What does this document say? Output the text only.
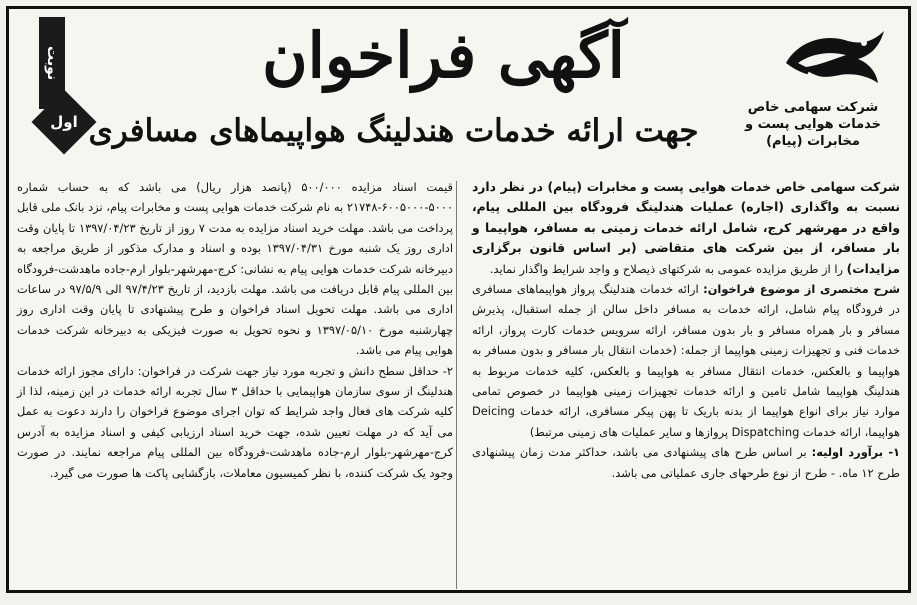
نوبت
اول
آگهی فراخوان
جهت ارائه خدمات هندلینگ هواپیماهای مسافری
شرکت سهامی خاص خدمات هوایی پست و مخابرات (پیام)

شرکت سهامی خاص خدمات هوایی پست و مخابرات (پیام) در نظر دارد نسبت به واگذاری (اجاره) عملیات هندلینگ فرودگاه بین المللی پیام، واقع در مهرشهر کرج، شامل ارائه خدمات زمینی به مسافر، هواپیما و بار مسافر، از بین شرکت های متقاضی (بر اساس قانون برگزاری مزایدات) را از طریق مزایده عمومی به شرکتهای ذیصلاح و واجد شرایط واگذار نماید.

شرح مختصری از موضوع فراخوان: ارائه خدمات هندلینگ پرواز هواپیماهای مسافری در فرودگاه پیام شامل، ارائه خدمات به مسافر داخل سالن از جمله استقبال، پذیرش مسافر و بار همراه مسافر و بار بدون مسافر، ارائه سرویس خدمات کارت پرواز، ارائه خدمات فنی و تجهیزات زمینی هواپیما از جمله: (خدمات انتقال بار مسافر و بدون مسافر به هواپیما و بالعکس، خدمات انتقال مسافر به هواپیما و بالعکس، کلیه خدمات مربوط به هندلینگ هواپیما شامل تامین و ارائه خدمات تجهیزات زمینی هواپیما در خصوص تمامی موارد نیاز برای انواع هواپیما از بدنه باریک تا پهن پیکر مسافری، ارائه خدمات Deicing هواپیما، ارائه خدمات Dispatching پروازها و سایر عملیات های زمینی مرتبط)

۱- برآورد اولیه: بر اساس طرح های پیشنهادی می باشد، حداکثر مدت زمان پیشنهادی طرح ۱۲ ماه. - طرح از نوع طرحهای جاری عملیاتی می باشد.

قیمت اسناد مزایده ۵۰۰/۰۰۰ (پانصد هزار ریال) می باشد که به حساب شماره ۵۰۰۰-۶۰۰۵۰۰۰-۲۱۷۴۸ به نام شرکت خدمات هوایی پست و مخابرات پیام، نزد بانک ملی قابل پرداخت می باشد. مهلت خرید اسناد مزایده به مدت ۷ روز از تاریخ ۱۳۹۷/۰۴/۲۳ تا پایان وقت اداری روز یک شنبه مورخ ۱۳۹۷/۰۴/۳۱ بوده و اسناد و مدارک مذکور از طریق مراجعه به دبیرخانه شرکت خدمات هوایی پیام به نشانی: کرج-مهرشهر-بلوار ارم-جاده ماهدشت-فرودگاه بین المللی پیام قابل دریافت می باشد. مهلت بازدید، از تاریخ ۹۷/۴/۲۳ الی ۹۷/۵/۹ در ساعات اداری می باشد. مهلت تحویل اسناد فراخوان و طرح پیشنهادی تا پایان وقت اداری روز چهارشنبه مورخ ۱۳۹۷/۰۵/۱۰ و نحوه تحویل به صورت فیزیکی به دبیرخانه شرکت خدمات هوایی پیام می باشد.

۲- حداقل سطح دانش و تجربه مورد نیاز جهت شرکت در فراخوان: دارای مجوز ارائه خدمات هندلینگ از سوی سازمان هواپیمایی با حداقل ۳ سال تجربه ارائه خدمات در این زمینه، لذا از کلیه شرکت های فعال واجد شرایط که توان اجرای موضوع فراخوان را دارند دعوت به عمل می آید که در مهلت تعیین شده، جهت خرید اسناد ارزیابی کیفی و اسناد مزایده به آدرس کرج-مهرشهر-بلوار ارم-جاده ماهدشت-فرودگاه بین المللی پیام مراجعه نمایند. در صورت وجود یک شرکت کننده، با نظر کمیسیون معاملات، بازگشایی پاکت ها صورت می گیرد.
